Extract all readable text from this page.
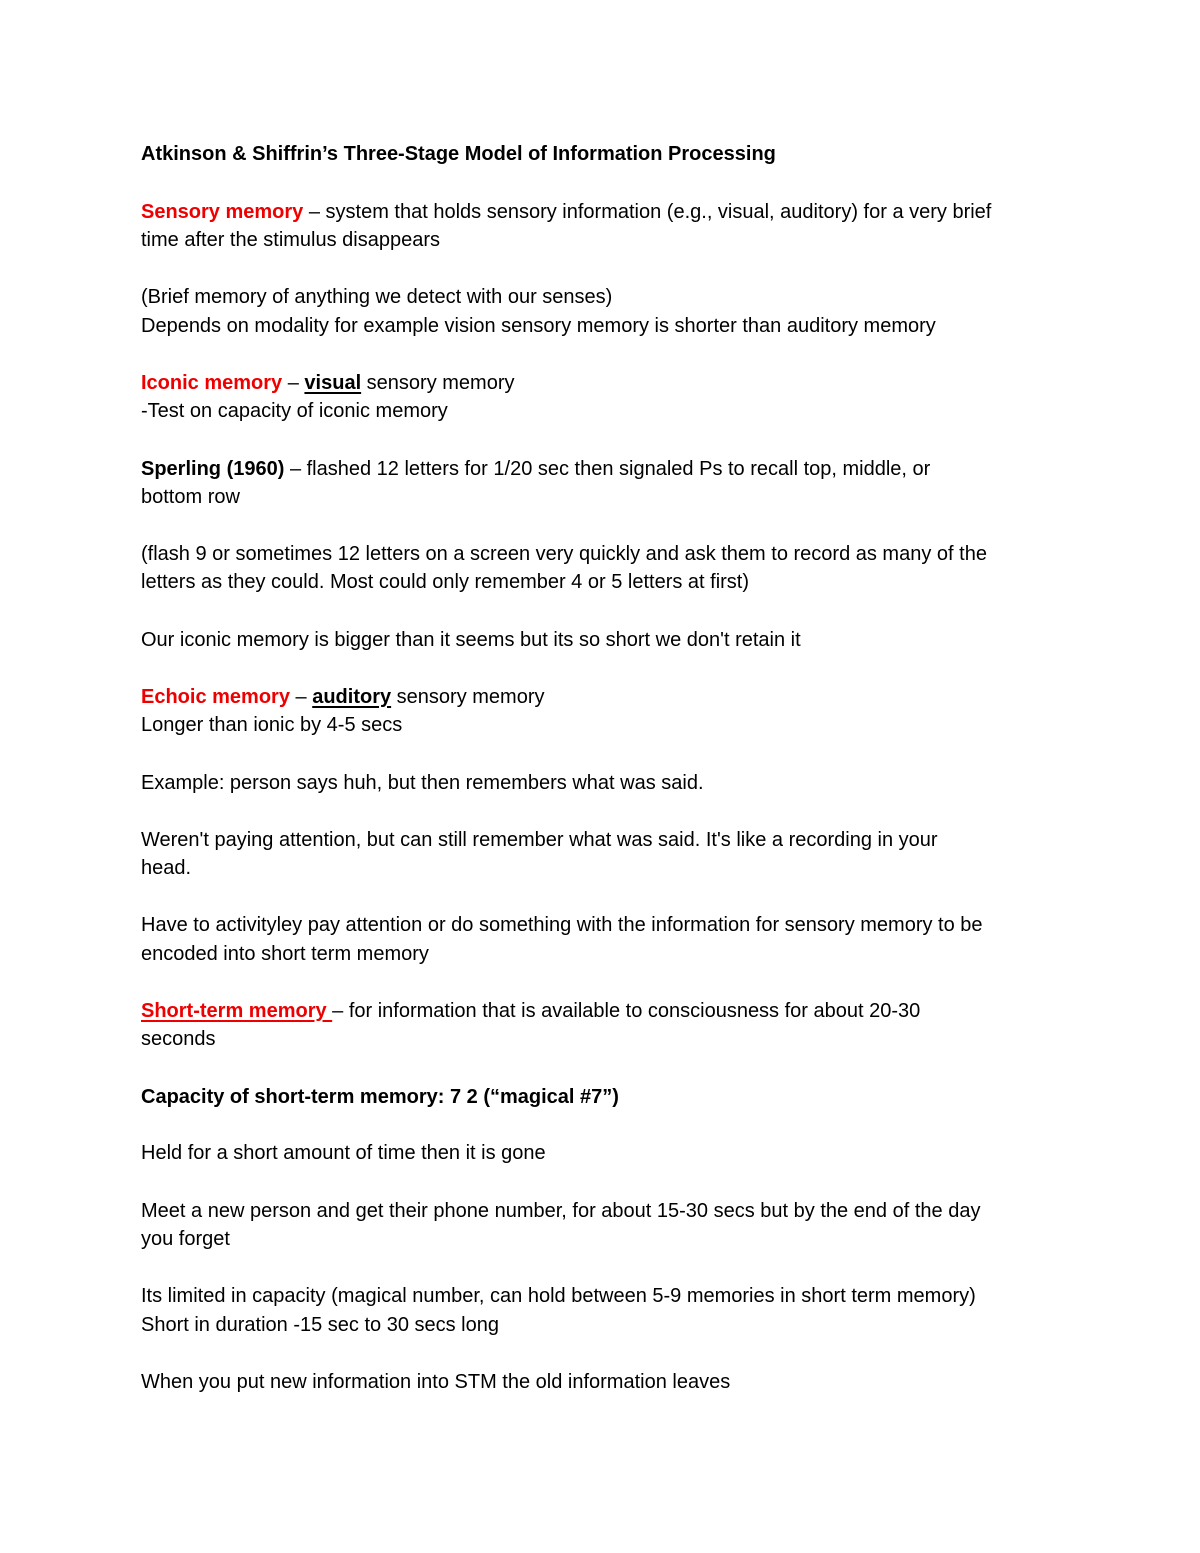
Atkinson & Shiffrin’s Three-Stage Model of Information Processing
Sensory memory – system that holds sensory information (e.g., visual, auditory) for a very brief
time after the stimulus disappears
(Brief memory of anything we detect with our senses)
Depends on modality for example vision sensory memory is shorter than auditory memory
Iconic memory – visual sensory memory
-Test on capacity of iconic memory
Sperling (1960) – flashed 12 letters for 1/20 sec then signaled Ps to recall top, middle, or
bottom row
(flash 9 or sometimes 12 letters on a screen very quickly and ask them to record as many of the
letters as they could. Most could only remember 4 or 5 letters at first)
Our iconic memory is bigger than it seems but its so short we don't retain it
Echoic memory – auditory sensory memory
Longer than ionic by 4-5 secs
Example: person says huh, but then remembers what was said.
Weren't paying attention, but can still remember what was said. It's like a recording in your
head.
Have to activityley pay attention or do something with the information for sensory memory to be
encoded into short term memory
Short-term memory – for information that is available to consciousness for about 20-30
seconds
Capacity of short-term memory: 7 2 (“magical #7”)
Held for a short amount of time then it is gone
Meet a new person and get their phone number, for about 15-30 secs but by the end of the day
you forget
Its limited in capacity (magical number, can hold between 5-9 memories in short term memory)
Short in duration -15 sec to 30 secs long
When you put new information into STM the old information leaves
